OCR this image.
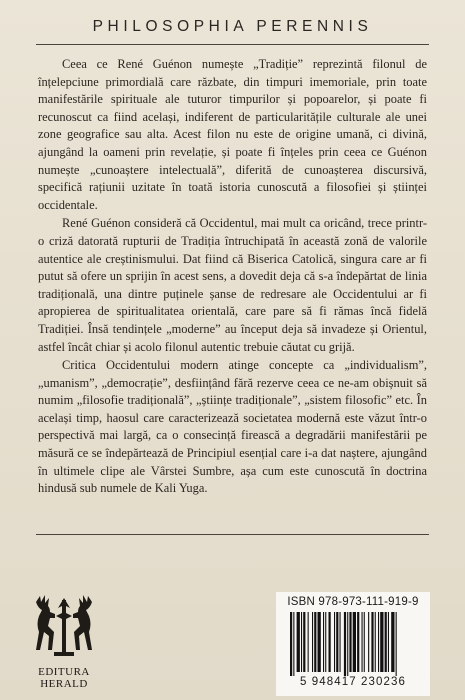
PHILOSOPHIA PERENNIS

Ceea ce René Guénon numește „Tradiție” reprezintă filonul de înțelepciune primordială care răzbate, din timpuri imemoriale, prin toate manifestările spirituale ale tuturor timpurilor și popoarelor, și poate fi recunoscut ca fiind același, indiferent de particularitățile culturale ale unei zone geografice sau alta. Acest filon nu este de origine umană, ci divină, ajungând la oameni prin revelație, și poate fi înțeles prin ceea ce Guénon numește „cunoaștere intelectuală”, diferită de cunoașterea discursivă, specifică rațiunii uzitate în toată istoria cunoscută a filosofiei și științei occidentale.

René Guénon consideră că Occidentul, mai mult ca oricând, trece printr-o criză datorată rupturii de Tradiția întruchipată în această zonă de valorile autentice ale creștinismului. Dat fiind că Biserica Catolică, singura care ar fi putut să ofere un sprijin în acest sens, a dovedit deja că s-a îndepărtat de linia tradițională, una dintre puținele șanse de redresare ale Occidentului ar fi apropierea de spiritualitatea orientală, care pare să fi rămas încă fidelă Tradiției. Însă tendințele „moderne” au început deja să invadeze și Orientul, astfel încât chiar și acolo filonul autentic trebuie căutat cu grijă.

Critica Occidentului modern atinge concepte ca „individualism”, „umanism”, „democrație”, desființând fără rezerve ceea ce ne-am obișnuit să numim „filosofie tradițională”, „științe tradiționale”, „sistem filosofic” etc. În același timp, haosul care caracterizează societatea modernă este văzut într-o perspectivă mai largă, ca o consecință firească a degradării manifestării pe măsură ce se îndepărtează de Principiul esențial care i-a dat naștere, ajungând în ultimele clipe ale Vârstei Sumbre, așa cum este cunoscută în doctrina hindusă sub numele de Kali Yuga.

EDITURA
HERALD
ISBN 978-973-111-919-9
5 948417 230236
